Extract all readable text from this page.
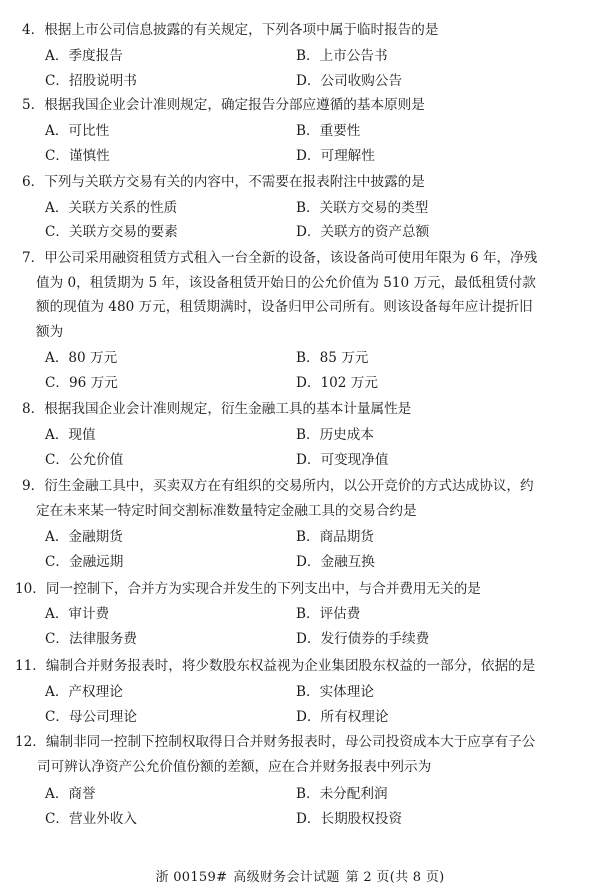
4．根据上市公司信息披露的有关规定，下列各项中属于临时报告的是
A．季度报告	B．上市公告书
C．招股说明书	D．公司收购公告
5．根据我国企业会计准则规定，确定报告分部应遵循的基本原则是
A．可比性	B．重要性
C．谨慎性	D．可理解性
6．下列与关联方交易有关的内容中，不需要在报表附注中披露的是
A．关联方关系的性质	B．关联方交易的类型
C．关联方交易的要素	D．关联方的资产总额
7．甲公司采用融资租赁方式租入一台全新的设备，该设备尚可使用年限为 6 年，净残
值为 0，租赁期为 5 年，该设备租赁开始日的公允价值为 510 万元，最低租赁付款
额的现值为 480 万元，租赁期满时，设备归甲公司所有。则该设备每年应计提折旧
额为
A．80 万元	B．85 万元
C．96 万元	D．102 万元
8．根据我国企业会计准则规定，衍生金融工具的基本计量属性是
A．现值	B．历史成本
C．公允价值	D．可变现净值
9．衍生金融工具中，买卖双方在有组织的交易所内，以公开竞价的方式达成协议，约
定在未来某一特定时间交割标准数量特定金融工具的交易合约是
A．金融期货	B．商品期货
C．金融远期	D．金融互换
10．同一控制下，合并方为实现合并发生的下列支出中，与合并费用无关的是
A．审计费	B．评估费
C．法律服务费	D．发行债券的手续费
11．编制合并财务报表时，将少数股东权益视为企业集团股东权益的一部分，依据的是
A．产权理论	B．实体理论
C．母公司理论	D．所有权理论
12．编制非同一控制下控制权取得日合并财务报表时，母公司投资成本大于应享有子公
司可辨认净资产公允价值份额的差额，应在合并财务报表中列示为
A．商誉	B．未分配利润
C．营业外收入	D．长期股权投资
浙 00159# 高级财务会计试题 第 2 页(共 8 页)
